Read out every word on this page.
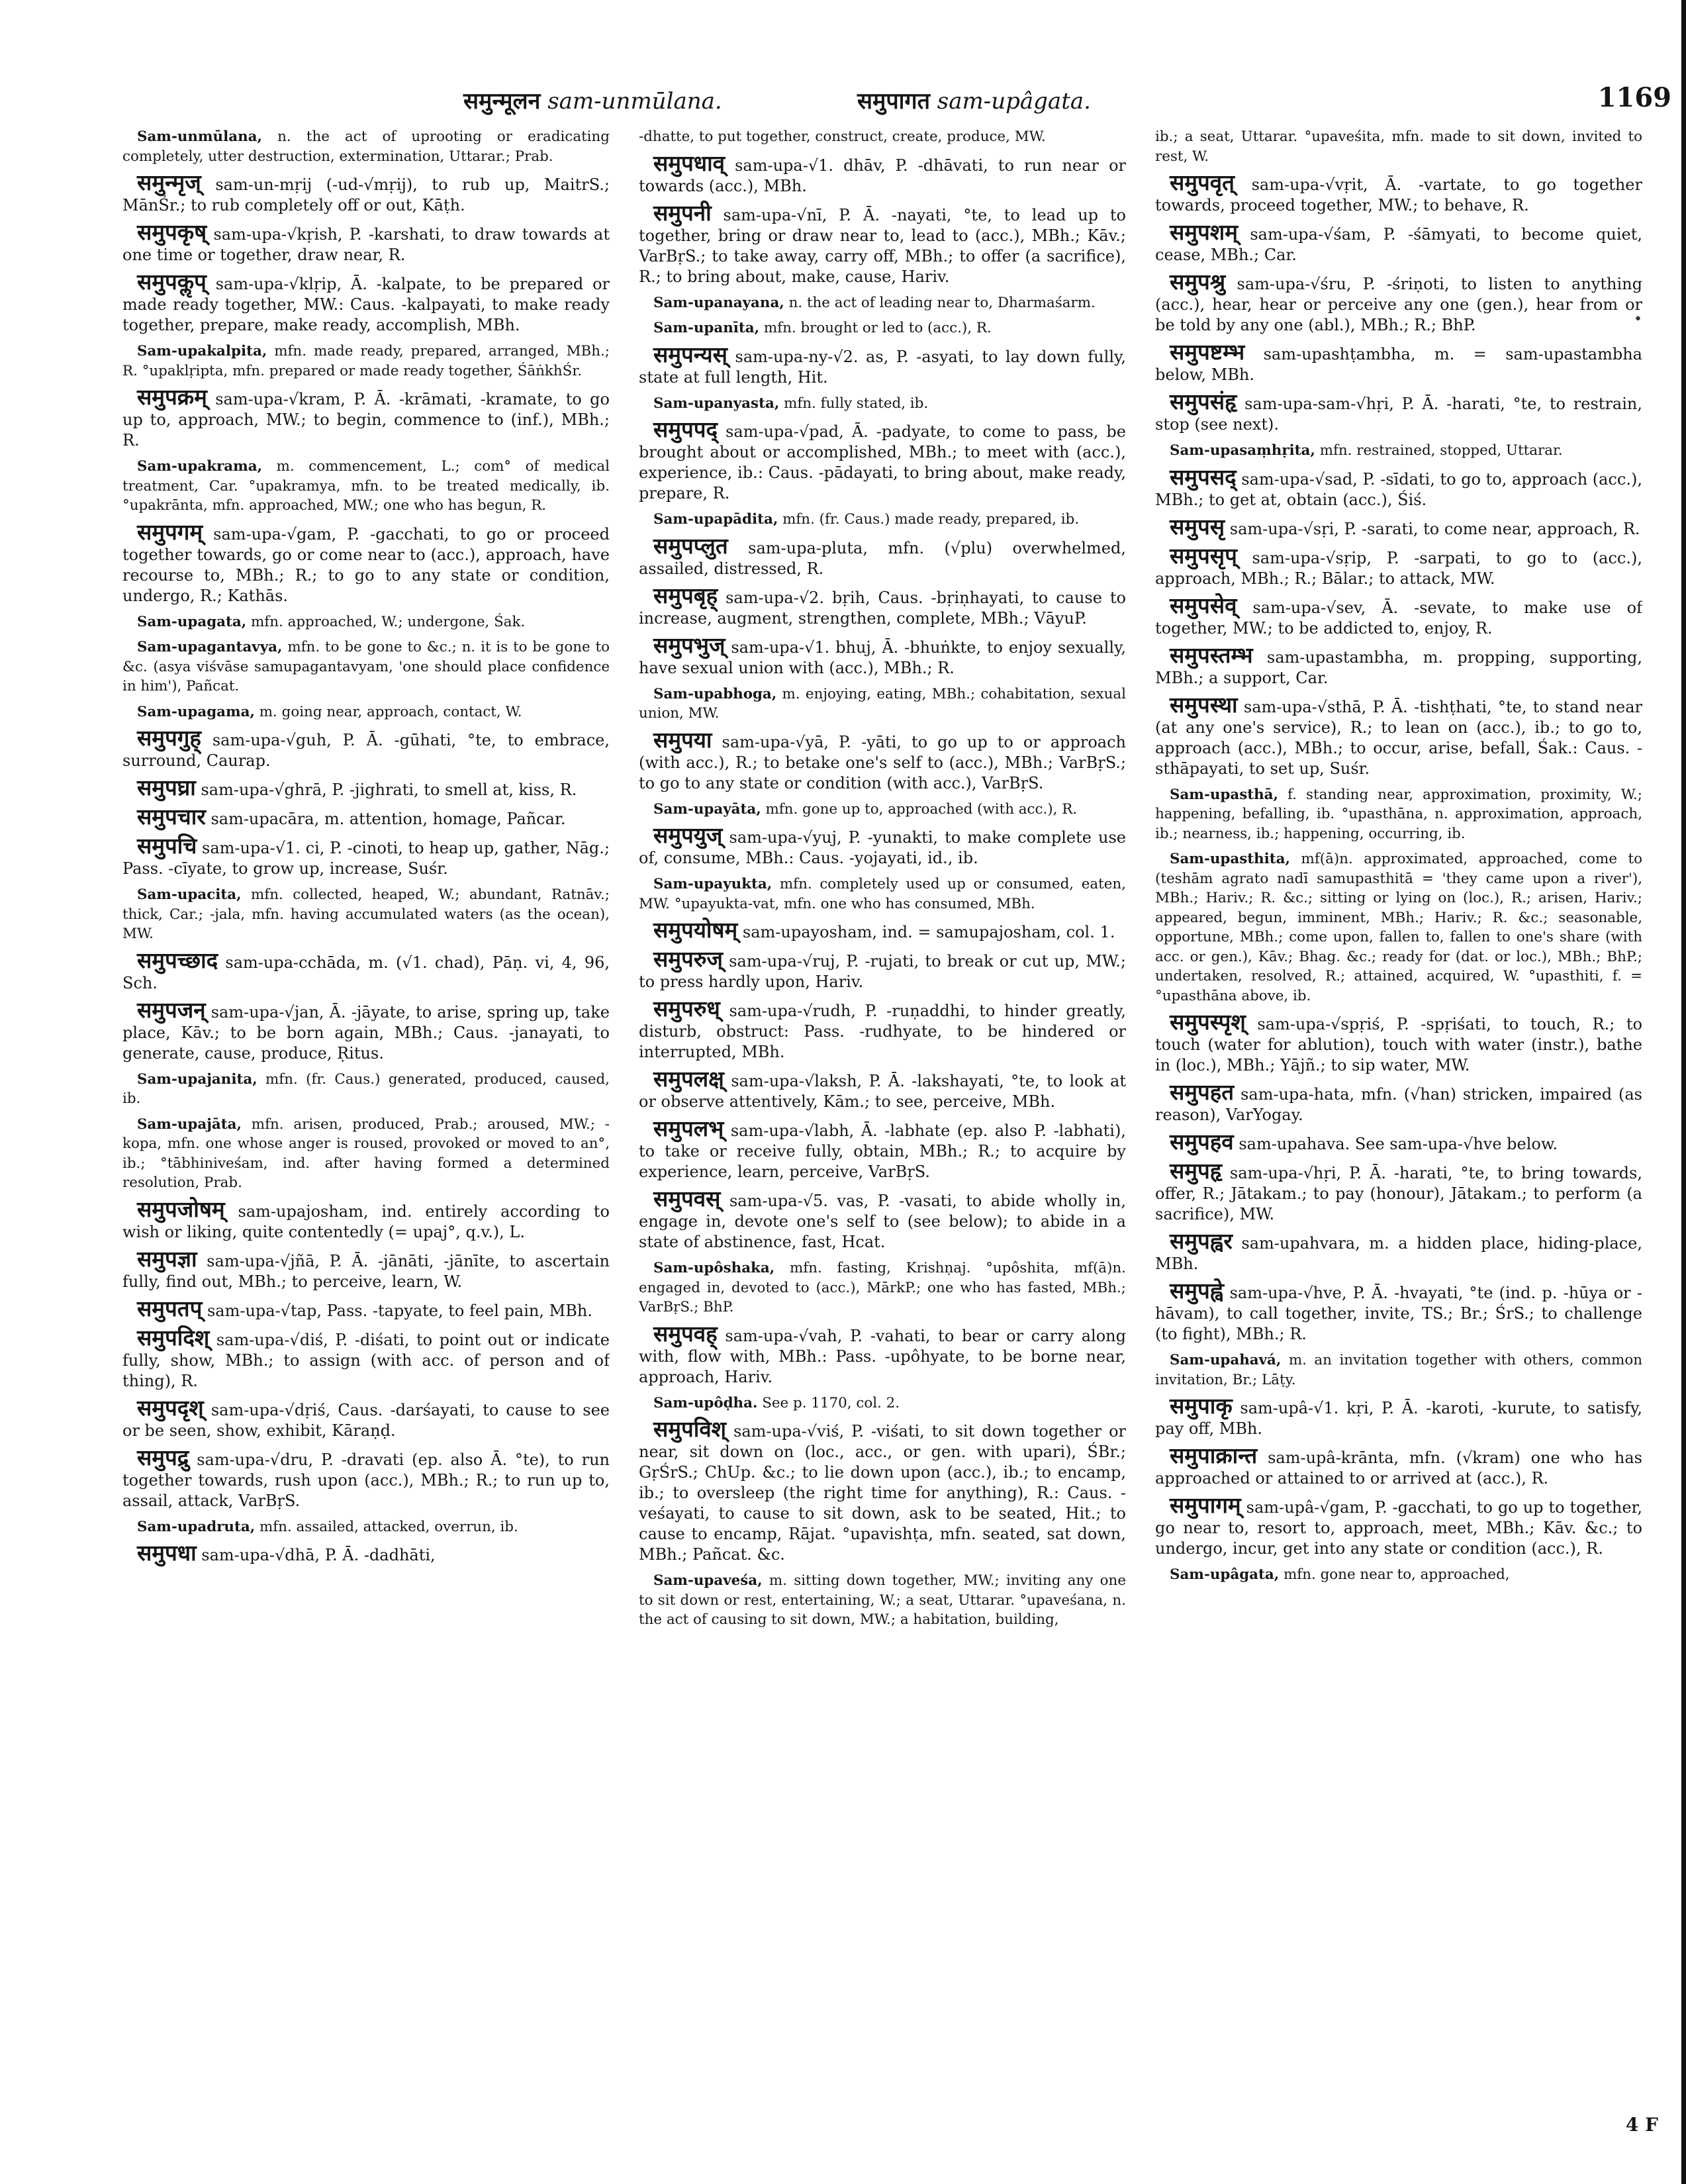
•
समुन्मूलन sam-unmūlana.	समुपागत sam-upâgata.	1169

Sam-unmūlana, n. the act of uprooting or eradicating completely, utter destruction, extermination, Uttarar.; Prab.

समुन्मृज् sam-un-mṛij (-ud-√mṛij), to rub up, MaitrS.; MānŚr.; to rub completely off or out, Kāṭh.

समुपकृष् sam-upa-√kṛish, P. -karshati, to draw towards at one time or together, draw near, R.

समुपकॢप् sam-upa-√klṛip, Ā. -kalpate, to be prepared or made ready together, MW.: Caus. -kalpayati, to make ready together, prepare, make ready, accomplish, MBh.

Sam-upakalpita, mfn. made ready, prepared, arranged, MBh.; R. °upaklṛipta, mfn. prepared or made ready together, ŚāṅkhŚr.

समुपक्रम् sam-upa-√kram, P. Ā. -krāmati, -kramate, to go up to, approach, MW.; to begin, commence to (inf.), MBh.; R.

Sam-upakrama, m. commencement, L.; com° of medical treatment, Car. °upakramya, mfn. to be treated medically, ib. °upakrānta, mfn. approached, MW.; one who has begun, R.

समुपगम् sam-upa-√gam, P. -gacchati, to go or proceed together towards, go or come near to (acc.), approach, have recourse to, MBh.; R.; to go to any state or condition, undergo, R.; Kathās.

Sam-upagata, mfn. approached, W.; undergone, Śak.

Sam-upagantavya, mfn. to be gone to &c.; n. it is to be gone to &c. (asya viśvāse samupagantavyam, 'one should place confidence in him'), Pañcat.

Sam-upagama, m. going near, approach, contact, W.

समुपगुह् sam-upa-√guh, P. Ā. -gūhati, °te, to embrace, surround, Caurap.

समुपघ्रा sam-upa-√ghrā, P. -jighrati, to smell at, kiss, R.

समुपचार sam-upacāra, m. attention, homage, Pañcar.

समुपचि sam-upa-√1. ci, P. -cinoti, to heap up, gather, Nāg.; Pass. -cīyate, to grow up, increase, Suśr.

Sam-upacita, mfn. collected, heaped, W.; abundant, Ratnāv.; thick, Car.; -jala, mfn. having accumulated waters (as the ocean), MW.

समुपच्छाद sam-upa-cchāda, m. (√1. chad), Pāṇ. vi, 4, 96, Sch.

समुपजन् sam-upa-√jan, Ā. -jāyate, to arise, spring up, take place, Kāv.; to be born again, MBh.; Caus. -janayati, to generate, cause, produce, Ṛitus.

Sam-upajanita, mfn. (fr. Caus.) generated, produced, caused, ib.

Sam-upajāta, mfn. arisen, produced, Prab.; aroused, MW.; -kopa, mfn. one whose anger is roused, provoked or moved to an°, ib.; °tābhiniveśam, ind. after having formed a determined resolution, Prab.

समुपजोषम् sam-upajosham, ind. entirely according to wish or liking, quite contentedly (= upaj°, q.v.), L.

समुपज्ञा sam-upa-√jñā, P. Ā. -jānāti, -jānīte, to ascertain fully, find out, MBh.; to perceive, learn, W.

समुपतप् sam-upa-√tap, Pass. -tapyate, to feel pain, MBh.

समुपदिश् sam-upa-√diś, P. -diśati, to point out or indicate fully, show, MBh.; to assign (with acc. of person and of thing), R.

समुपदृश् sam-upa-√dṛiś, Caus. -darśayati, to cause to see or be seen, show, exhibit, Kāraṇḍ.

समुपद्रु sam-upa-√dru, P. -dravati (ep. also Ā. °te), to run together towards, rush upon (acc.), MBh.; R.; to run up to, assail, attack, VarBṛS.

Sam-upadruta, mfn. assailed, attacked, overrun, ib.

समुपधा sam-upa-√dhā, P. Ā. -dadhāti,

-dhatte, to put together, construct, create, produce, MW.

समुपधाव् sam-upa-√1. dhāv, P. -dhāvati, to run near or towards (acc.), MBh.

समुपनी sam-upa-√nī, P. Ā. -nayati, °te, to lead up to together, bring or draw near to, lead to (acc.), MBh.; Kāv.; VarBṛS.; to take away, carry off, MBh.; to offer (a sacrifice), R.; to bring about, make, cause, Hariv.

Sam-upanayana, n. the act of leading near to, Dharmaśarm.

Sam-upanīta, mfn. brought or led to (acc.), R.

समुपन्यस् sam-upa-ny-√2. as, P. -asyati, to lay down fully, state at full length, Hit.

Sam-upanyasta, mfn. fully stated, ib.

समुपपद् sam-upa-√pad, Ā. -padyate, to come to pass, be brought about or accomplished, MBh.; to meet with (acc.), experience, ib.: Caus. -pādayati, to bring about, make ready, prepare, R.

Sam-upapādita, mfn. (fr. Caus.) made ready, prepared, ib.

समुपप्लुत sam-upa-pluta, mfn. (√plu) overwhelmed, assailed, distressed, R.

समुपबृह् sam-upa-√2. bṛih, Caus. -bṛiṇhayati, to cause to increase, augment, strengthen, complete, MBh.; VāyuP.

समुपभुज् sam-upa-√1. bhuj, Ā. -bhuṅkte, to enjoy sexually, have sexual union with (acc.), MBh.; R.

Sam-upabhoga, m. enjoying, eating, MBh.; cohabitation, sexual union, MW.

समुपया sam-upa-√yā, P. -yāti, to go up to or approach (with acc.), R.; to betake one's self to (acc.), MBh.; VarBṛS.; to go to any state or condition (with acc.), VarBṛS.

Sam-upayāta, mfn. gone up to, approached (with acc.), R.

समुपयुज् sam-upa-√yuj, P. -yunakti, to make complete use of, consume, MBh.: Caus. -yojayati, id., ib.

Sam-upayukta, mfn. completely used up or consumed, eaten, MW. °upayukta-vat, mfn. one who has consumed, MBh.

समुपयोषम् sam-upayosham, ind. = samupajosham, col. 1.

समुपरुज् sam-upa-√ruj, P. -rujati, to break or cut up, MW.; to press hardly upon, Hariv.

समुपरुध् sam-upa-√rudh, P. -ruṇaddhi, to hinder greatly, disturb, obstruct: Pass. -rudhyate, to be hindered or interrupted, MBh.

समुपलक्ष् sam-upa-√laksh, P. Ā. -lakshayati, °te, to look at or observe attentively, Kām.; to see, perceive, MBh.

समुपलभ् sam-upa-√labh, Ā. -labhate (ep. also P. -labhati), to take or receive fully, obtain, MBh.; R.; to acquire by experience, learn, perceive, VarBṛS.

समुपवस् sam-upa-√5. vas, P. -vasati, to abide wholly in, engage in, devote one's self to (see below); to abide in a state of abstinence, fast, Hcat.

Sam-upôshaka, mfn. fasting, Krishṇaj. °upôshita, mf(ā)n. engaged in, devoted to (acc.), MārkP.; one who has fasted, MBh.; VarBṛS.; BhP.

समुपवह् sam-upa-√vah, P. -vahati, to bear or carry along with, flow with, MBh.: Pass. -upôhyate, to be borne near, approach, Hariv.

Sam-upôḍha. See p. 1170, col. 2.

समुपविश् sam-upa-√viś, P. -viśati, to sit down together or near, sit down on (loc., acc., or gen. with upari), ŚBr.; GṛŚrS.; ChUp. &c.; to lie down upon (acc.), ib.; to encamp, ib.; to oversleep (the right time for anything), R.: Caus. -veśayati, to cause to sit down, ask to be seated, Hit.; to cause to encamp, Rājat. °upavishṭa, mfn. seated, sat down, MBh.; Pañcat. &c.

Sam-upaveśa, m. sitting down together, MW.; inviting any one to sit down or rest, entertaining, W.; a seat, Uttarar. °upaveśana, n. the act of causing to sit down, MW.; a habitation, building,

ib.; a seat, Uttarar. °upaveśita, mfn. made to sit down, invited to rest, W.

समुपवृत् sam-upa-√vṛit, Ā. -vartate, to go together towards, proceed together, MW.; to behave, R.

समुपशम् sam-upa-√śam, P. -śāmyati, to become quiet, cease, MBh.; Car.

समुपश्रु sam-upa-√śru, P. -śriṇoti, to listen to anything (acc.), hear, hear or perceive any one (gen.), hear from or be told by any one (abl.), MBh.; R.; BhP.

समुपष्टम्भ sam-upashṭambha, m. = sam-upastambha below, MBh.

समुपसंहृ sam-upa-sam-√hṛi, P. Ā. -harati, °te, to restrain, stop (see next).

Sam-upasaṃhṛita, mfn. restrained, stopped, Uttarar.

समुपसद् sam-upa-√sad, P. -sīdati, to go to, approach (acc.), MBh.; to get at, obtain (acc.), Śiś.

समुपसृ sam-upa-√sṛi, P. -sarati, to come near, approach, R.

समुपसृप् sam-upa-√sṛip, P. -sarpati, to go to (acc.), approach, MBh.; R.; Bālar.; to attack, MW.

समुपसेव् sam-upa-√sev, Ā. -sevate, to make use of together, MW.; to be addicted to, enjoy, R.

समुपस्तम्भ sam-upastambha, m. propping, supporting, MBh.; a support, Car.

समुपस्था sam-upa-√sthā, P. Ā. -tishṭhati, °te, to stand near (at any one's service), R.; to lean on (acc.), ib.; to go to, approach (acc.), MBh.; to occur, arise, befall, Śak.: Caus. -sthāpayati, to set up, Suśr.

Sam-upasthā, f. standing near, approximation, proximity, W.; happening, befalling, ib. °upasthāna, n. approximation, approach, ib.; nearness, ib.; happening, occurring, ib.

Sam-upasthita, mf(ā)n. approximated, approached, come to (teshām agrato nadī samupasthitā = 'they came upon a river'), MBh.; Hariv.; R. &c.; sitting or lying on (loc.), R.; arisen, Hariv.; appeared, begun, imminent, MBh.; Hariv.; R. &c.; seasonable, opportune, MBh.; come upon, fallen to, fallen to one's share (with acc. or gen.), Kāv.; Bhag. &c.; ready for (dat. or loc.), MBh.; BhP.; undertaken, resolved, R.; attained, acquired, W. °upasthiti, f. = °upasthāna above, ib.

समुपस्पृश् sam-upa-√spṛiś, P. -spṛiśati, to touch, R.; to touch (water for ablution), touch with water (instr.), bathe in (loc.), MBh.; Yājñ.; to sip water, MW.

समुपहत sam-upa-hata, mfn. (√han) stricken, impaired (as reason), VarYogay.

समुपहव sam-upahava. See sam-upa-√hve below.

समुपहृ sam-upa-√hṛi, P. Ā. -harati, °te, to bring towards, offer, R.; Jātakam.; to pay (honour), Jātakam.; to perform (a sacrifice), MW.

समुपह्वर sam-upahvara, m. a hidden place, hiding-place, MBh.

समुपह्वे sam-upa-√hve, P. Ā. -hvayati, °te (ind. p. -hūya or -hāvam), to call together, invite, TS.; Br.; ŚrS.; to challenge (to fight), MBh.; R.

Sam-upahavá, m. an invitation together with others, common invitation, Br.; Lāṭy.

समुपाकृ sam-upâ-√1. kṛi, P. Ā. -karoti, -kurute, to satisfy, pay off, MBh.

समुपाक्रान्त sam-upâ-krānta, mfn. (√kram) one who has approached or attained to or arrived at (acc.), R.

समुपागम् sam-upâ-√gam, P. -gacchati, to go up to together, go near to, resort to, approach, meet, MBh.; Kāv. &c.; to undergo, incur, get into any state or condition (acc.), R.

Sam-upâgata, mfn. gone near to, approached,

4 F
